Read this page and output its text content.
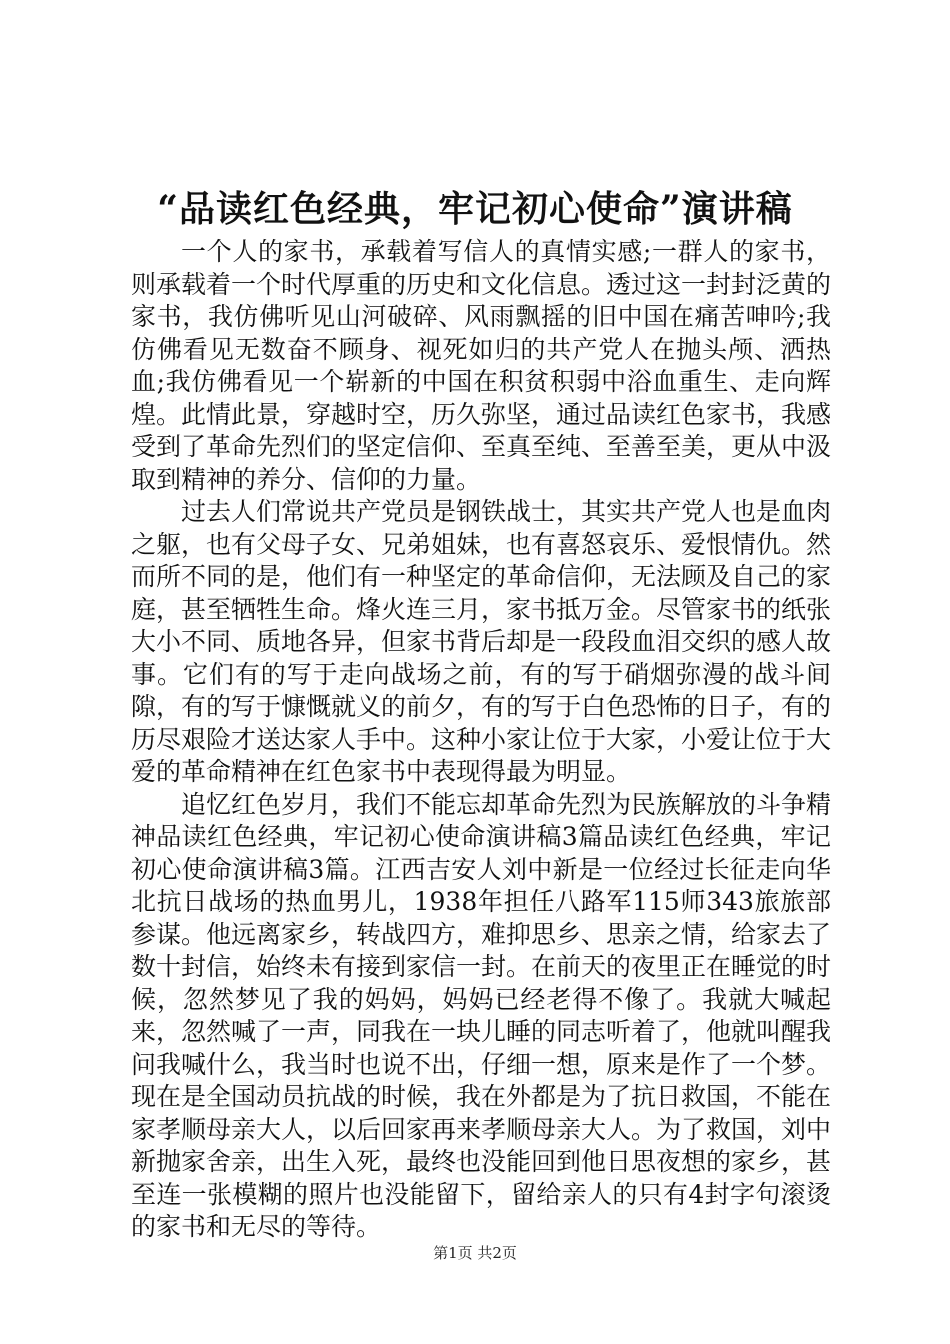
“品读红色经典，牢记初心使命”演讲稿

一个人的家书，承载着写信人的真情实感;一群人的家书，则承载着一个时代厚重的历史和文化信息。透过这一封封泛黄的家书，我仿佛听见山河破碎、风雨飘摇的旧中国在痛苦呻吟;我仿佛看见无数奋不顾身、视死如归的共产党人在抛头颅、洒热血;我仿佛看见一个崭新的中国在积贫积弱中浴血重生、走向辉煌。此情此景，穿越时空，历久弥坚，通过品读红色家书，我感受到了革命先烈们的坚定信仰、至真至纯、至善至美，更从中汲取到精神的养分、信仰的力量。

过去人们常说共产党员是钢铁战士，其实共产党人也是血肉之躯，也有父母子女、兄弟姐妹，也有喜怒哀乐、爱恨情仇。然而所不同的是，他们有一种坚定的革命信仰，无法顾及自己的家庭，甚至牺牲生命。烽火连三月，家书抵万金。尽管家书的纸张大小不同、质地各异，但家书背后却是一段段血泪交织的感人故事。它们有的写于走向战场之前，有的写于硝烟弥漫的战斗间隙，有的写于慷慨就义的前夕，有的写于白色恐怖的日子，有的历尽艰险才送达家人手中。这种小家让位于大家，小爱让位于大爱的革命精神在红色家书中表现得最为明显。

追忆红色岁月，我们不能忘却革命先烈为民族解放的斗争精神品读红色经典，牢记初心使命演讲稿3篇品读红色经典，牢记初心使命演讲稿3篇。江西吉安人刘中新是一位经过长征走向华北抗日战场的热血男儿，1938年担任八路军115师343旅旅部参谋。他远离家乡，转战四方，难抑思乡、思亲之情，给家去了数十封信，始终未有接到家信一封。在前天的夜里正在睡觉的时候，忽然梦见了我的妈妈，妈妈已经老得不像了。我就大喊起来，忽然喊了一声，同我在一块儿睡的同志听着了，他就叫醒我问我喊什么，我当时也说不出，仔细一想，原来是作了一个梦。现在是全国动员抗战的时候，我在外都是为了抗日救国，不能在家孝顺母亲大人，以后回家再来孝顺母亲大人。为了救国，刘中新抛家舍亲，出生入死，最终也没能回到他日思夜想的家乡，甚至连一张模糊的照片也没能留下，留给亲人的只有4封字句滚烫的家书和无尽的等待。

第1页 共2页
